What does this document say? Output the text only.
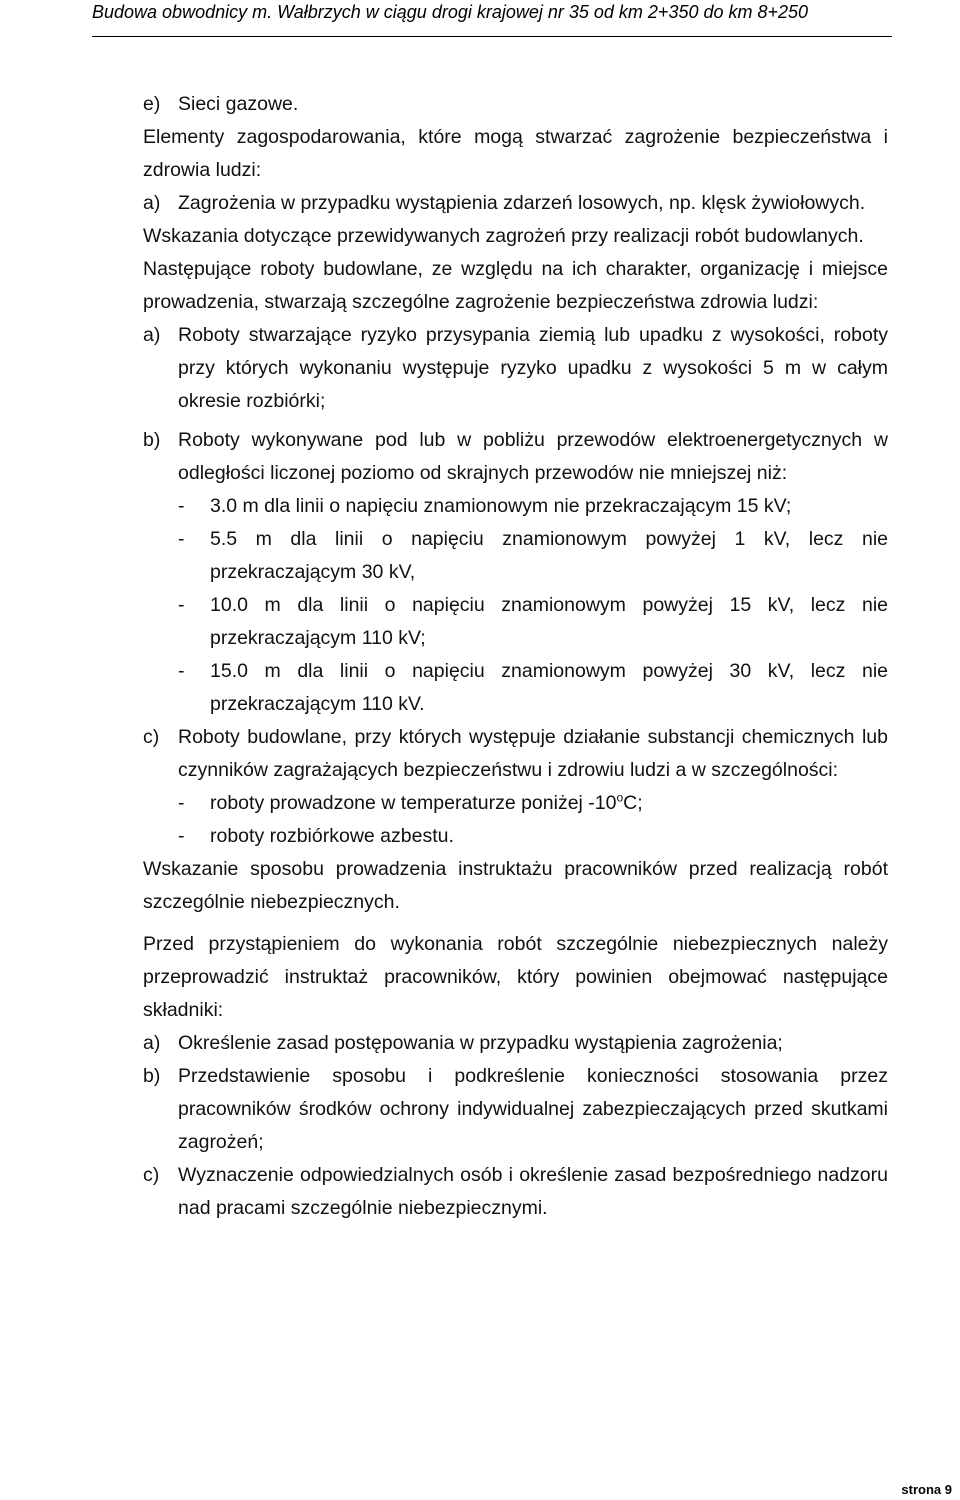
Budowa obwodnicy m. Wałbrzych w ciągu drogi krajowej nr 35 od km 2+350 do km 8+250
e) Sieci gazowe.

Elementy zagospodarowania, które mogą stwarzać zagrożenie bezpieczeństwa i zdrowia ludzi:

a) Zagrożenia w przypadku wystąpienia zdarzeń losowych, np. klęsk żywiołowych.

Wskazania dotyczące przewidywanych zagrożeń przy realizacji robót budowlanych.

Następujące roboty budowlane, ze względu na ich charakter, organizację i miejsce prowadzenia, stwarzają szczególne zagrożenie bezpieczeństwa zdrowia ludzi:

a) Roboty stwarzające ryzyko przysypania ziemią lub upadku z wysokości, roboty przy których wykonaniu występuje ryzyko upadku z wysokości 5 m w całym okresie rozbiórki;
b) Roboty wykonywane pod lub w pobliżu przewodów elektroenergetycznych w odległości liczonej poziomo od skrajnych przewodów nie mniejszej niż:
-	3.0 m dla linii o napięciu znamionowym nie przekraczającym 15 kV;
-	5.5 m dla linii o napięciu znamionowym powyżej 1 kV, lecz nie przekraczającym 30 kV,
-	10.0 m dla linii o napięciu znamionowym powyżej 15 kV, lecz nie przekraczającym 110 kV;
-	15.0 m dla linii o napięciu znamionowym powyżej 30 kV, lecz nie przekraczającym 110 kV.
c) Roboty budowlane, przy których występuje działanie substancji chemicznych lub czynników zagrażających bezpieczeństwu i zdrowiu ludzi a w szczególności:
-	roboty prowadzone w temperaturze poniżej -10$^o$C;
-	roboty rozbiórkowe azbestu.

Wskazanie sposobu prowadzenia instruktażu pracowników przed realizacją robót szczególnie niebezpiecznych.

Przed przystąpieniem do wykonania robót szczególnie niebezpiecznych należy przeprowadzić instruktaż pracowników, który powinien obejmować następujące składniki:

a) Określenie zasad postępowania w przypadku wystąpienia zagrożenia;
b) Przedstawienie sposobu i podkreślenie konieczności stosowania przez pracowników środków ochrony indywidualnej zabezpieczających przed skutkami zagrożeń;
c) Wyznaczenie odpowiedzialnych osób i określenie zasad bezpośredniego nadzoru nad pracami szczególnie niebezpiecznymi.
strona 9
